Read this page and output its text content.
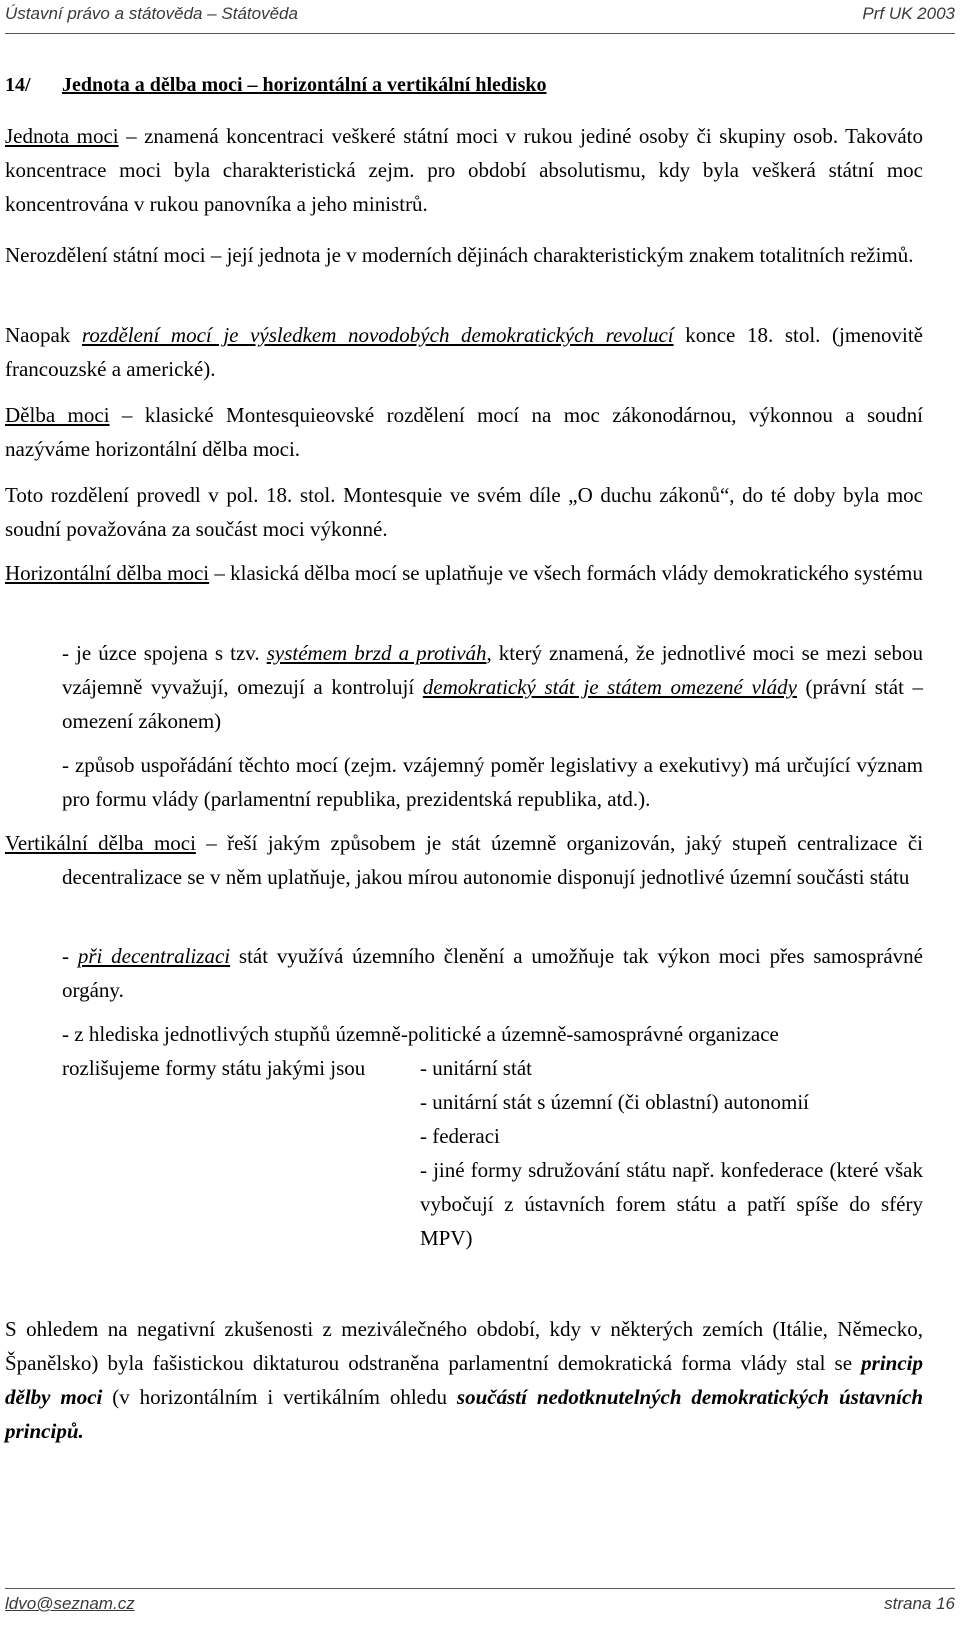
Ústavní právo a státověda – Státověda	Prf UK 2003
14/ Jednota a dělba moci – horizontální a vertikální hledisko

Jednota moci – znamená koncentraci veškeré státní moci v rukou jediné osoby či skupiny osob. Takováto koncentrace moci byla charakteristická zejm. pro období absolutismu, kdy byla veškerá státní moc koncentrována v rukou panovníka a jeho ministrů.

Nerozdělení státní moci – její jednota je v moderních dějinách charakteristickým znakem totalitních režimů.

Naopak rozdělení mocí je výsledkem novodobých demokratických revolucí konce 18. stol. (jmenovitě francouzské a americké).

Dělba moci – klasické Montesquieovské rozdělení mocí na moc zákonodárnou, výkonnou a soudní nazýváme horizontální dělba moci.

Toto rozdělení provedl v pol. 18. stol. Montesquie ve svém díle „O duchu zákonů“, do té doby byla moc soudní považována za součást moci výkonné.

Horizontální dělba moci – klasická dělba mocí se uplatňuje ve všech formách vlády demokratického systému

- je úzce spojena s tzv. systémem brzd a protiváh, který znamená, že jednotlivé moci se mezi sebou vzájemně vyvažují, omezují a kontrolují demokratický stát je státem omezené vlády (právní stát – omezení zákonem)

- způsob uspořádání těchto mocí (zejm. vzájemný poměr legislativy a exekutivy) má určující význam pro formu vlády (parlamentní republika, prezidentská republika, atd.).

Vertikální dělba moci – řeší jakým způsobem je stát územně organizován, jaký stupeň centralizace či decentralizace se v něm uplatňuje, jakou mírou autonomie disponují jednotlivé územní součásti státu

- při decentralizaci stát využívá územního členění a umožňuje tak výkon moci přes samosprávné orgány.

- z hlediska jednotlivých stupňů územně-politické a územně-samosprávné organizace

rozlišujeme formy státu jakými jsou	- unitární stát
- unitární stát s územní (či oblastní) autonomií
- federaci
- jiné formy sdružování státu např. konfederace (které však vybočují z ústavních forem státu a patří spíše do sféry MPV)

S ohledem na negativní zkušenosti z meziválečného období, kdy v některých zemích (Itálie, Německo, Španělsko) byla fašistickou diktaturou odstraněna parlamentní demokratická forma vlády stal se princip dělby moci (v horizontálním i vertikálním ohledu součástí nedotknutelných demokratických ústavních principů.

ldvo@seznam.cz	strana 16
